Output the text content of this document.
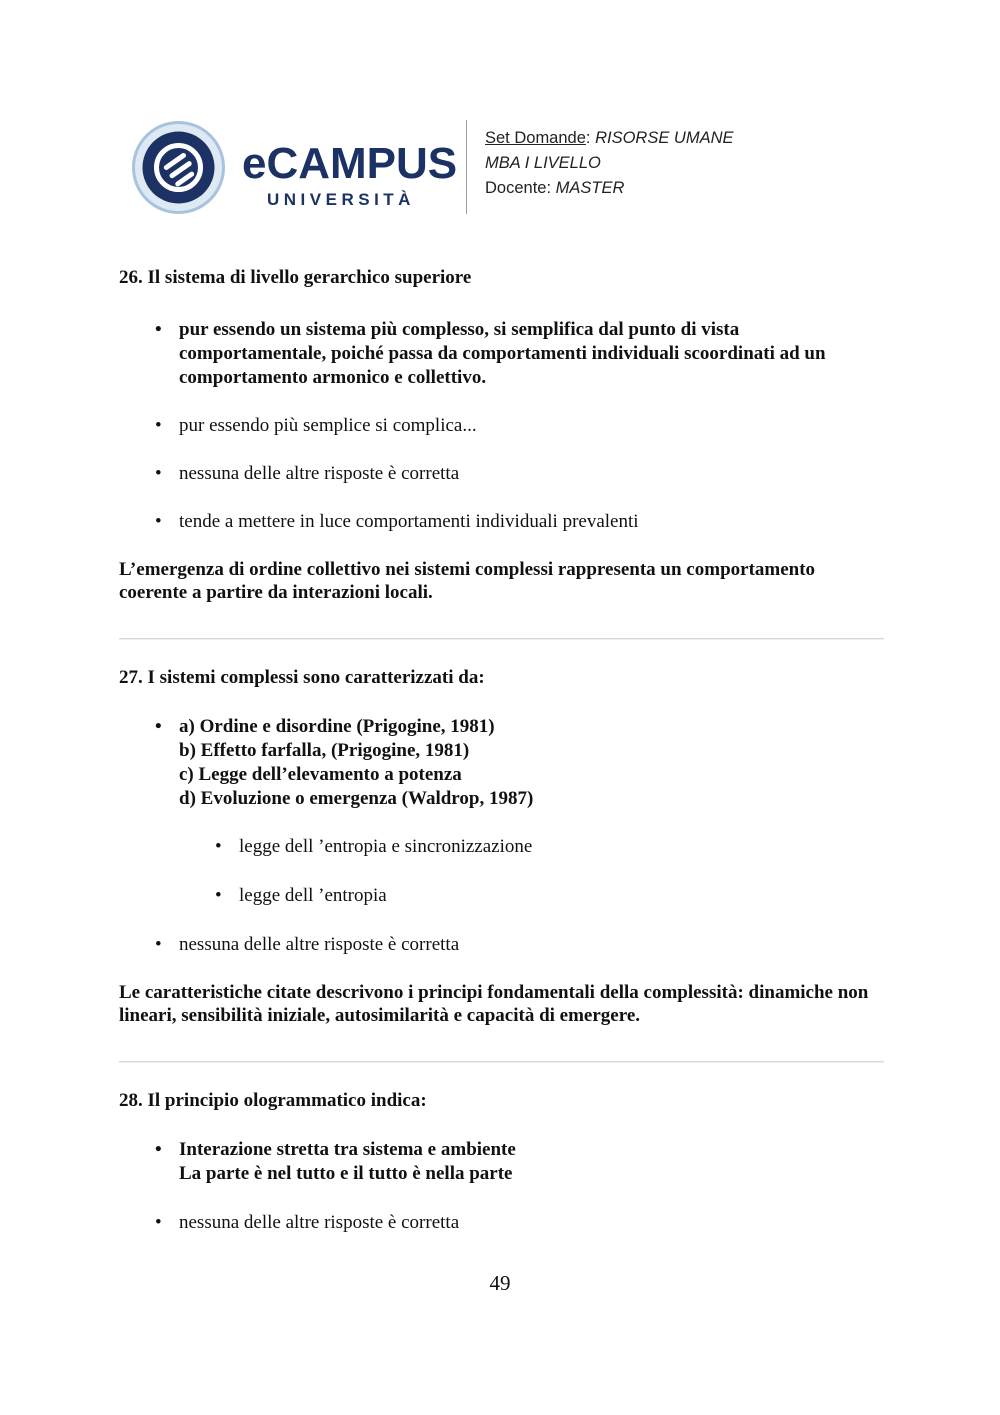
eCAMPUS
UNIVERSITÀ
Set Domande: RISORSE UMANE
MBA I LIVELLO
Docente: MASTER

26. Il sistema di livello gerarchico superiore

• pur essendo un sistema più complesso, si semplifica dal punto di vista comportamentale, poiché passa da comportamenti individuali scoordinati ad un comportamento armonico e collettivo.
• pur essendo più semplice si complica...
• nessuna delle altre risposte è corretta
• tende a mettere in luce comportamenti individuali prevalenti

L’emergenza di ordine collettivo nei sistemi complessi rappresenta un comportamento coerente a partire da interazioni locali.

27. I sistemi complessi sono caratterizzati da:

• a) Ordine e disordine (Prigogine, 1981)
b) Effetto farfalla, (Prigogine, 1981)
c) Legge dell’elevamento a potenza
d) Evoluzione o emergenza (Waldrop, 1987)
• legge dell ’entropia e sincronizzazione
• legge dell ’entropia
• nessuna delle altre risposte è corretta

Le caratteristiche citate descrivono i principi fondamentali della complessità: dinamiche non lineari, sensibilità iniziale, autosimilarità e capacità di emergere.

28. Il principio ologrammatico indica:

• Interazione stretta tra sistema e ambiente
La parte è nel tutto e il tutto è nella parte
• nessuna delle altre risposte è corretta
49
